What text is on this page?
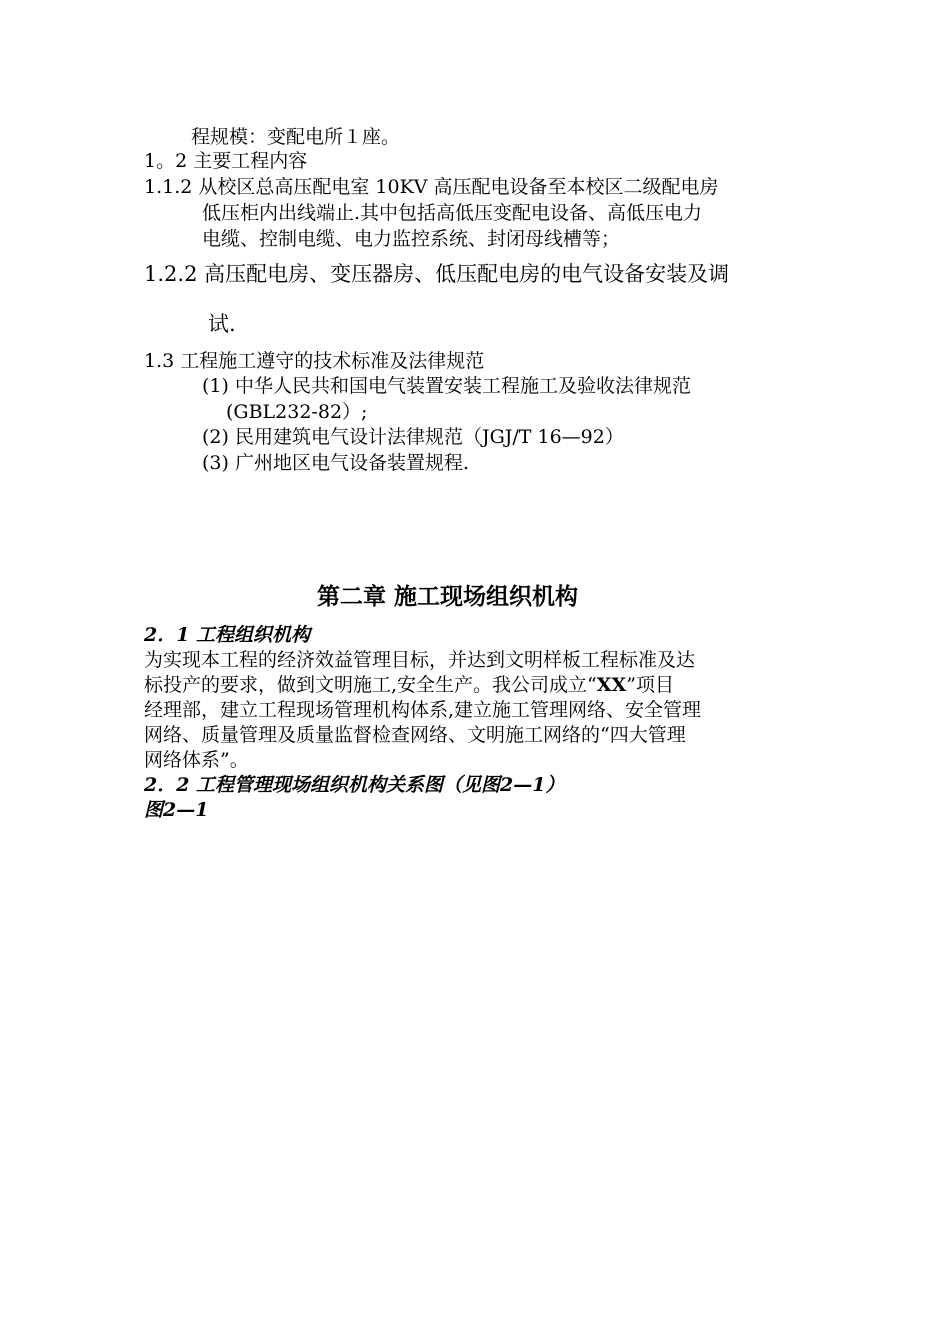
程规模：变配电所１座。
1。2 主要工程内容
1.1.2 从校区总高压配电室 10KV 高压配电设备至本校区二级配电房
低压柜内出线端止.其中包括高低压变配电设备、高低压电力
电缆、控制电缆、电力监控系统、封闭母线槽等；
1.2.2 高压配电房、变压器房、低压配电房的电气设备安装及调
试.
1.3 工程施工遵守的技术标准及法律规范
(1) 中华人民共和国电气装置安装工程施工及验收法律规范
(GBL232-82）;
(2) 民用建筑电气设计法律规范（JGJ/T 16—92）
(3) 广州地区电气设备装置规程.
第二章 施工现场组织机构
2．1 工程组织机构
为实现本工程的经济效益管理目标，并达到文明样板工程标准及达
标投产的要求，做到文明施工,安全生产。我公司成立“XX”项目
经理部，建立工程现场管理机构体系,建立施工管理网络、安全管理
网络、质量管理及质量监督检查网络、文明施工网络的“四大管理
网络体系”。
2．2 工程管理现场组织机构关系图（见图2—1）
图2—1
